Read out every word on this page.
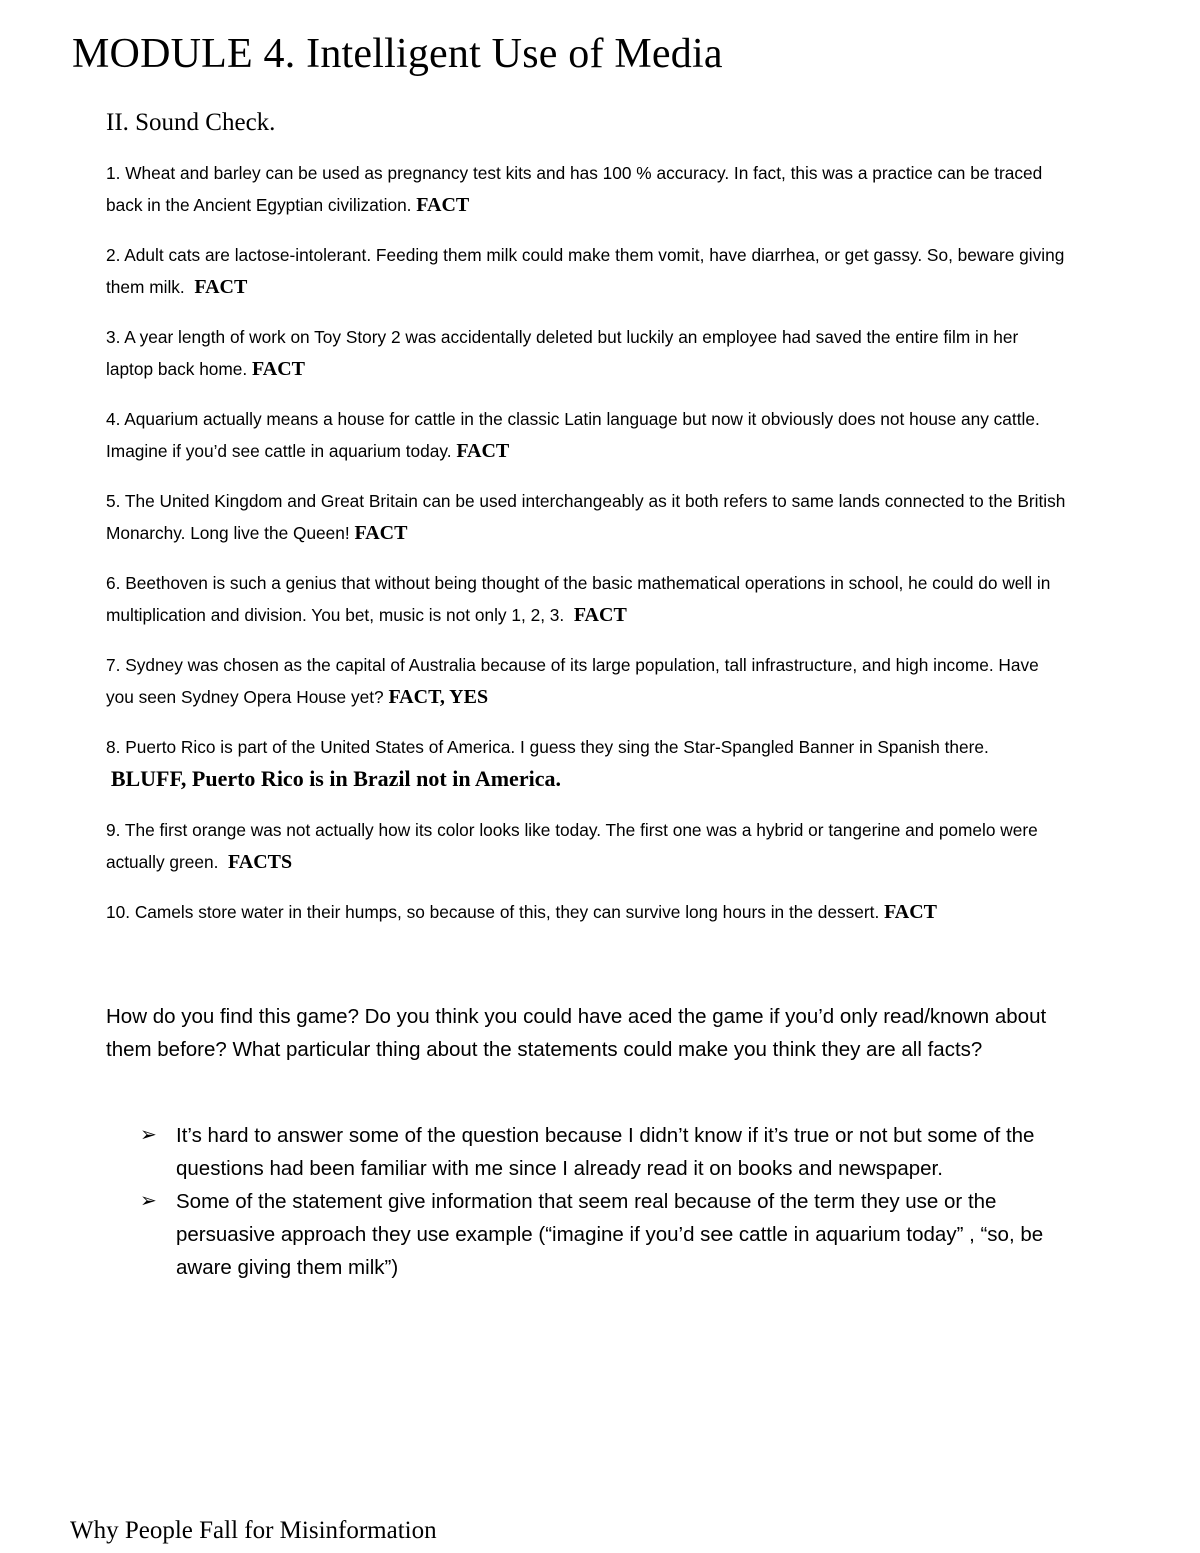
MODULE 4. Intelligent Use of Media
II. Sound Check.
1. Wheat and barley can be used as pregnancy test kits and has 100 % accuracy. In fact, this was a practice can be traced back in the Ancient Egyptian civilization. FACT
2. Adult cats are lactose-intolerant. Feeding them milk could make them vomit, have diarrhea, or get gassy. So, beware giving them milk. FACT
3. A year length of work on Toy Story 2 was accidentally deleted but luckily an employee had saved the entire film in her laptop back home. FACT
4. Aquarium actually means a house for cattle in the classic Latin language but now it obviously does not house any cattle. Imagine if you’d see cattle in aquarium today. FACT
5. The United Kingdom and Great Britain can be used interchangeably as it both refers to same lands connected to the British Monarchy. Long live the Queen! FACT
6. Beethoven is such a genius that without being thought of the basic mathematical operations in school, he could do well in multiplication and division. You bet, music is not only 1, 2, 3. FACT
7. Sydney was chosen as the capital of Australia because of its large population, tall infrastructure, and high income. Have you seen Sydney Opera House yet? FACT, YES
8. Puerto Rico is part of the United States of America. I guess they sing the Star-Spangled Banner in Spanish there.  BLUFF, Puerto Rico is in Brazil not in America.
9. The first orange was not actually how its color looks like today. The first one was a hybrid or tangerine and pomelo were actually green. FACTS
10. Camels store water in their humps, so because of this, they can survive long hours in the dessert. FACT

How do you find this game? Do you think you could have aced the game if you’d only read/known about them before? What particular thing about the statements could make you think they are all facts?

➢ It’s hard to answer some of the question because I didn’t know if it’s true or not but some of the questions had been familiar with me since I already read it on books and newspaper.
➢ Some of the statement give information that seem real because of the term they use or the persuasive approach they use example (“imagine if you’d see cattle in aquarium today” , “so, be aware giving them milk”)

Why People Fall for Misinformation
